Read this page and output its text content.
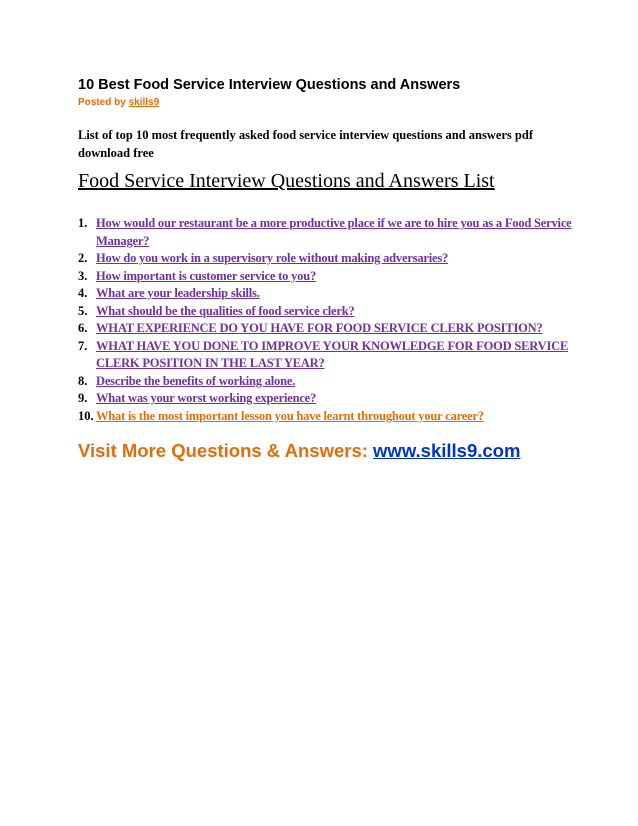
10 Best Food Service Interview Questions and Answers
Posted by skills9
List of top 10 most frequently asked food service interview questions and answers pdf download free
Food Service Interview Questions and Answers List
1. How would our restaurant be a more productive place if we are to hire you as a Food Service Manager?
2. How do you work in a supervisory role without making adversaries?
3. How important is customer service to you?
4. What are your leadership skills.
5. What should be the qualities of food service clerk?
6. WHAT EXPERIENCE DO YOU HAVE FOR FOOD SERVICE CLERK POSITION?
7. WHAT HAVE YOU DONE TO IMPROVE YOUR KNOWLEDGE FOR FOOD SERVICE CLERK POSITION IN THE LAST YEAR?
8. Describe the benefits of working alone.
9. What was your worst working experience?
10. What is the most important lesson you have learnt throughout your career?
Visit More Questions & Answers: www.skills9.com
